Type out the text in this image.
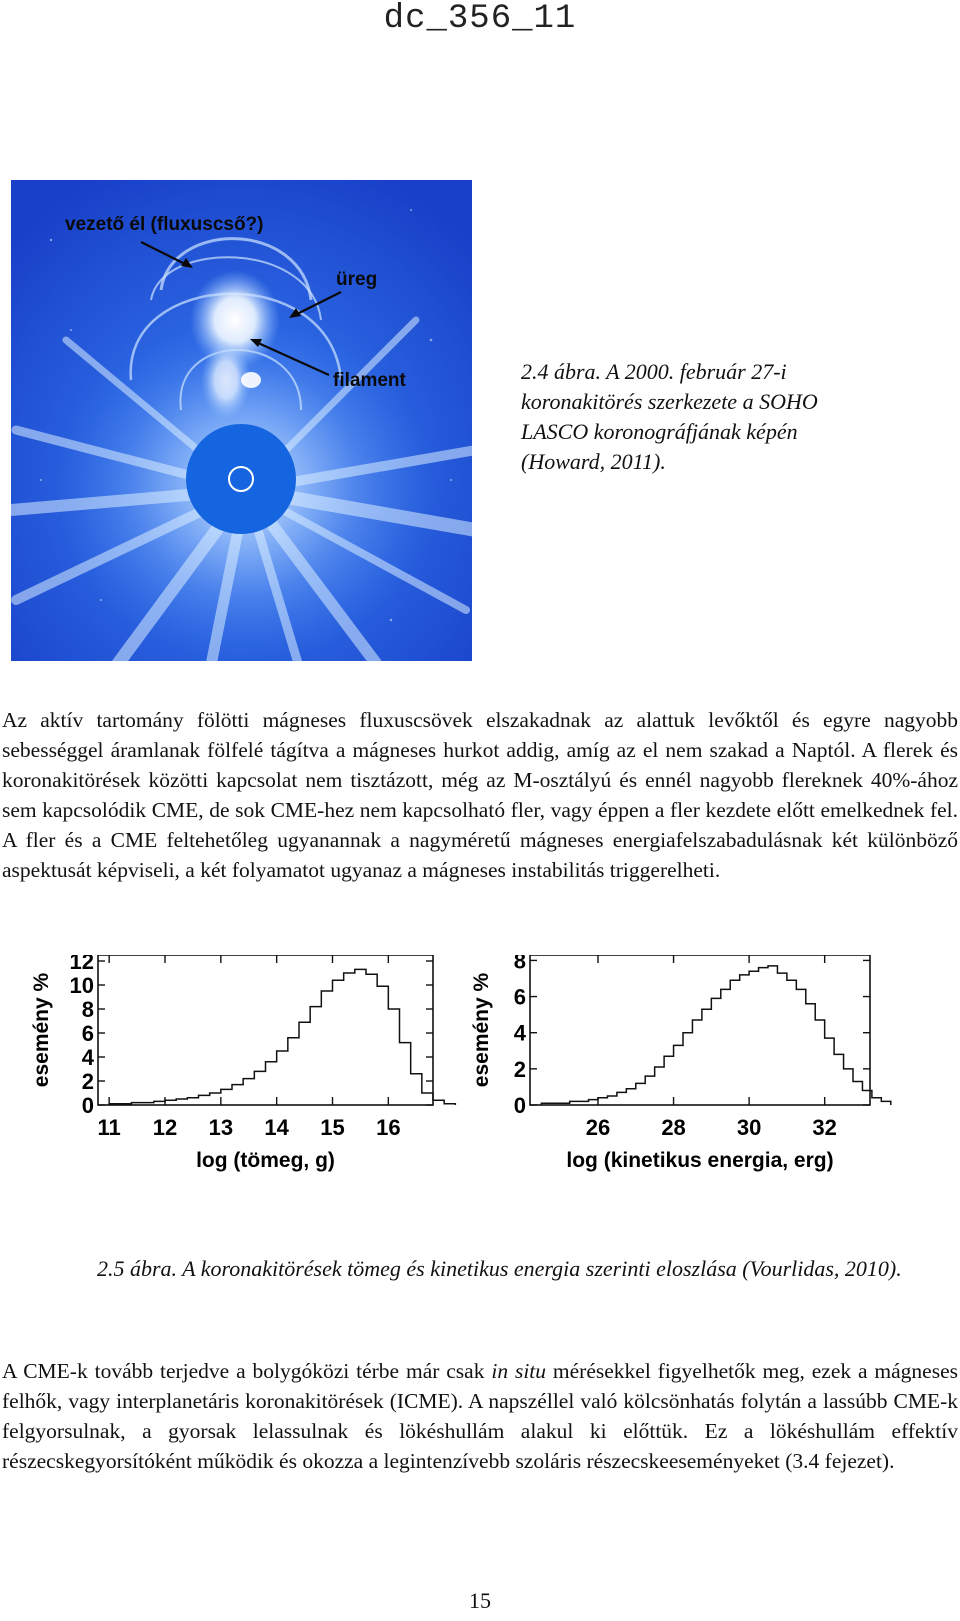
dc_356_11
vezető él (fluxuscső?)
üreg
filament	2.4 ábra. A 2000. február 27-i koronakitörés szerkezete a SOHO LASCO koronográfjának képén (Howard, 2011).

Az aktív tartomány fölötti mágneses fluxuscsövek elszakadnak az alattuk levőktől és egyre nagyobb sebességgel áramlanak fölfelé tágítva a mágneses hurkot addig, amíg az el nem szakad a Naptól. A flerek és koronakitörések közötti kapcsolat nem tisztázott, még az M-osztályú és ennél nagyobb flereknek 40%-ához sem kapcsolódik CME, de sok CME-hez nem kapcsolható fler, vagy éppen a fler kezdete előtt emelkednek fel. A fler és a CME feltehetőleg ugyanannak a nagyméretű mágneses energiafelszabadulásnak két különböző aspektusát képviseli, a két folyamatot ugyanaz a mágneses instabilitás triggerelheti.

0
2
4
6
8
10
12
11 12 13 14 15 16
log (tömeg, g)
esemény %
0
2
4
6
8
26 28 30 32
log (kinetikus energia, erg)
esemény %
2.5 ábra. A koronakitörések tömeg és kinetikus energia szerinti eloszlása (Vourlidas, 2010).

A CME-k tovább terjedve a bolygóközi térbe már csak in situ mérésekkel figyelhetők meg, ezek a mágneses felhők, vagy interplanetáris koronakitörések (ICME). A napszéllel való kölcsönhatás folytán a lassúbb CME-k felgyorsulnak, a gyorsak lelassulnak és lökéshullám alakul ki előttük. Ez a lökéshullám effektív részecskegyorsítóként működik és okozza a legintenzívebb szoláris részecskeeseményeket (3.4 fejezet).

15
